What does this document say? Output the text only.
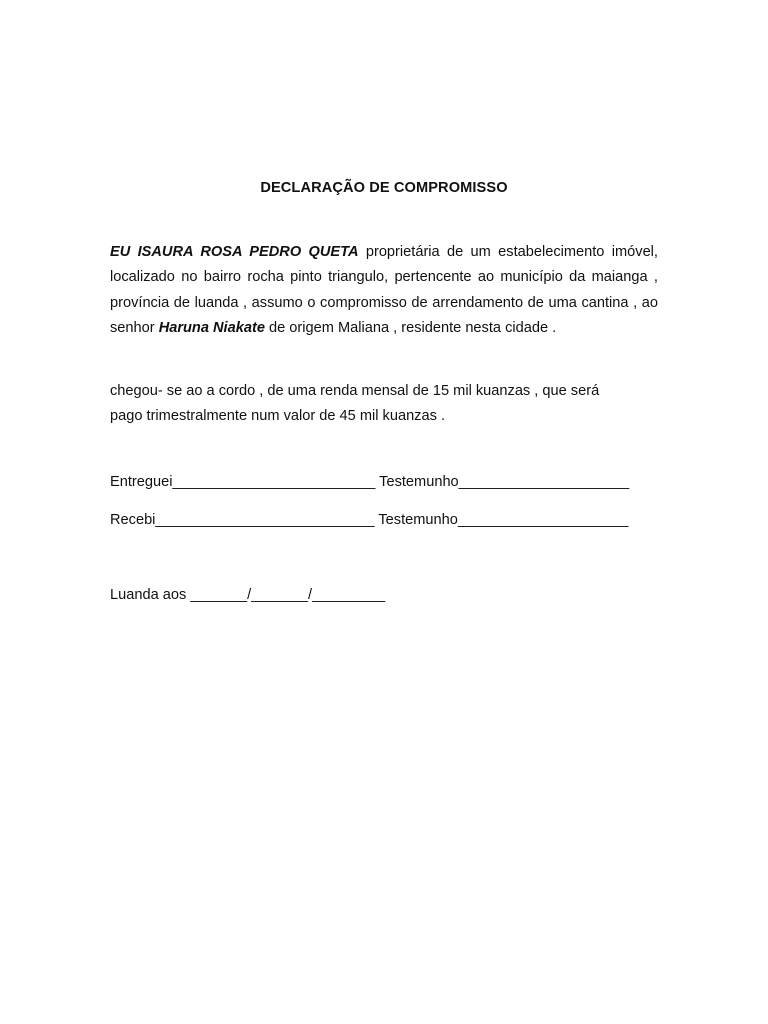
DECLARAÇÃO DE COMPROMISSO

EU ISAURA ROSA PEDRO QUETA proprietária de um estabelecimento imóvel, localizado no bairro rocha pinto triangulo, pertencente ao município da maianga , província de luanda , assumo o compromisso de arrendamento de uma cantina , ao senhor Haruna Niakate de origem Maliana , residente nesta cidade .

chegou- se ao a cordo , de uma renda mensal de 15 mil kuanzas , que será
pago trimestralmente num valor de 45 mil kuanzas .

Entreguei_________________________ Testemunho_____________________

Recebi___________________________ Testemunho_____________________

Luanda aos _______/_______/_________
